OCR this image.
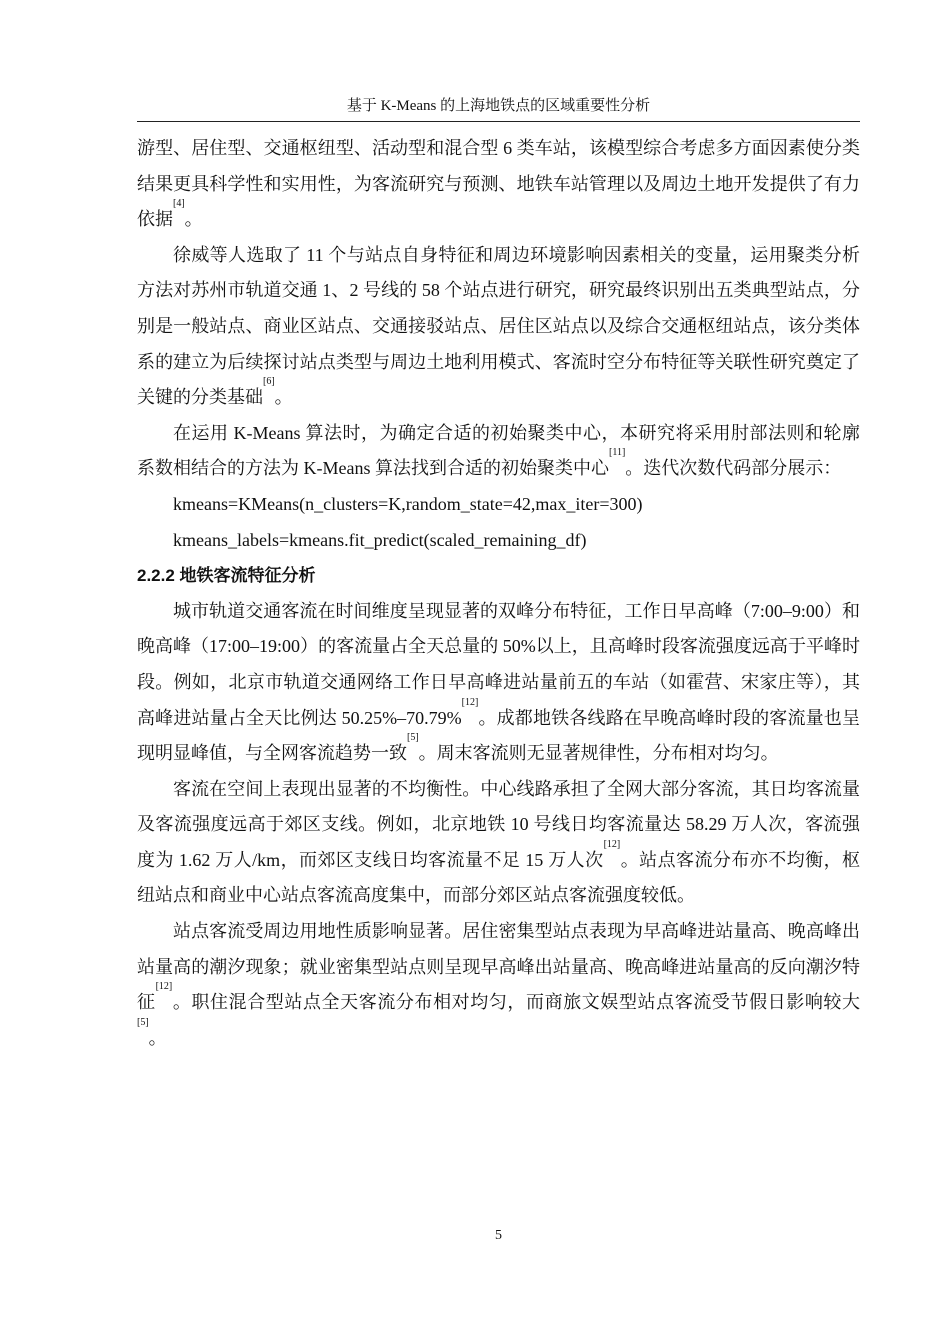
基于 K-Means 的上海地铁点的区域重要性分析

游型、居住型、交通枢纽型、活动型和混合型 6 类车站，该模型综合考虑多方面因素使分类结果更具科学性和实用性，为客流研究与预测、地铁车站管理以及周边土地开发提供了有力依据[4]。

徐威等人选取了 11 个与站点自身特征和周边环境影响因素相关的变量，运用聚类分析方法对苏州市轨道交通 1、2 号线的 58 个站点进行研究，研究最终识别出五类典型站点，分别是一般站点、商业区站点、交通接驳站点、居住区站点以及综合交通枢纽站点，该分类体系的建立为后续探讨站点类型与周边土地利用模式、客流时空分布特征等关联性研究奠定了关键的分类基础[6]。

在运用 K-Means 算法时，为确定合适的初始聚类中心，本研究将采用肘部法则和轮廓系数相结合的方法为 K-Means 算法找到合适的初始聚类中心[11]。迭代次数代码部分展示：

kmeans=KMeans(n_clusters=K,random_state=42,max_iter=300)

kmeans_labels=kmeans.fit_predict(scaled_remaining_df)

2.2.2 地铁客流特征分析

城市轨道交通客流在时间维度呈现显著的双峰分布特征，工作日早高峰（7:00–9:00）和晚高峰（17:00–19:00）的客流量占全天总量的 50%以上，且高峰时段客流强度远高于平峰时段。例如，北京市轨道交通网络工作日早高峰进站量前五的车站（如霍营、宋家庄等），其高峰进站量占全天比例达 50.25%–70.79%[12]。成都地铁各线路在早晚高峰时段的客流量也呈现明显峰值，与全网客流趋势一致[5]。周末客流则无显著规律性，分布相对均匀。

客流在空间上表现出显著的不均衡性。中心线路承担了全网大部分客流，其日均客流量及客流强度远高于郊区支线。例如，北京地铁 10 号线日均客流量达 58.29 万人次，客流强度为 1.62 万人/km，而郊区支线日均客流量不足 15 万人次[12]。站点客流分布亦不均衡，枢纽站点和商业中心站点客流高度集中，而部分郊区站点客流强度较低。

站点客流受周边用地性质影响显著。居住密集型站点表现为早高峰进站量高、晚高峰出站量高的潮汐现象；就业密集型站点则呈现早高峰出站量高、晚高峰进站量高的反向潮汐特征[12]。职住混合型站点全天客流分布相对均匀，而商旅文娱型站点客流受节假日影响较大[5]。

5
